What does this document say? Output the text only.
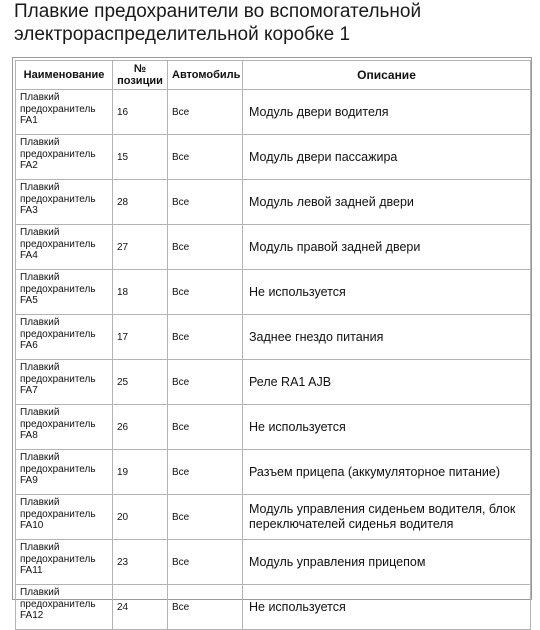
Плавкие предохранители во вспомогательной электрораспределительной коробке 1
Наименование	№ позиции	Автомобиль	Описание
Плавкий предохранитель FA1	16	Все	Модуль двери водителя
Плавкий предохранитель FA2	15	Все	Модуль двери пассажира
Плавкий предохранитель FA3	28	Все	Модуль левой задней двери
Плавкий предохранитель FA4	27	Все	Модуль правой задней двери
Плавкий предохранитель FA5	18	Все	Не используется
Плавкий предохранитель FA6	17	Все	Заднее гнездо питания
Плавкий предохранитель FA7	25	Все	Реле RA1 AJB
Плавкий предохранитель FA8	26	Все	Не используется
Плавкий предохранитель FA9	19	Все	Разъем прицепа (аккумуляторное питание)
Плавкий предохранитель FA10	20	Все	Модуль управления сиденьем водителя, блок переключателей сиденья водителя
Плавкий предохранитель FA11	23	Все	Модуль управления прицепом
Плавкий предохранитель FA12	24	Все	Не используется
